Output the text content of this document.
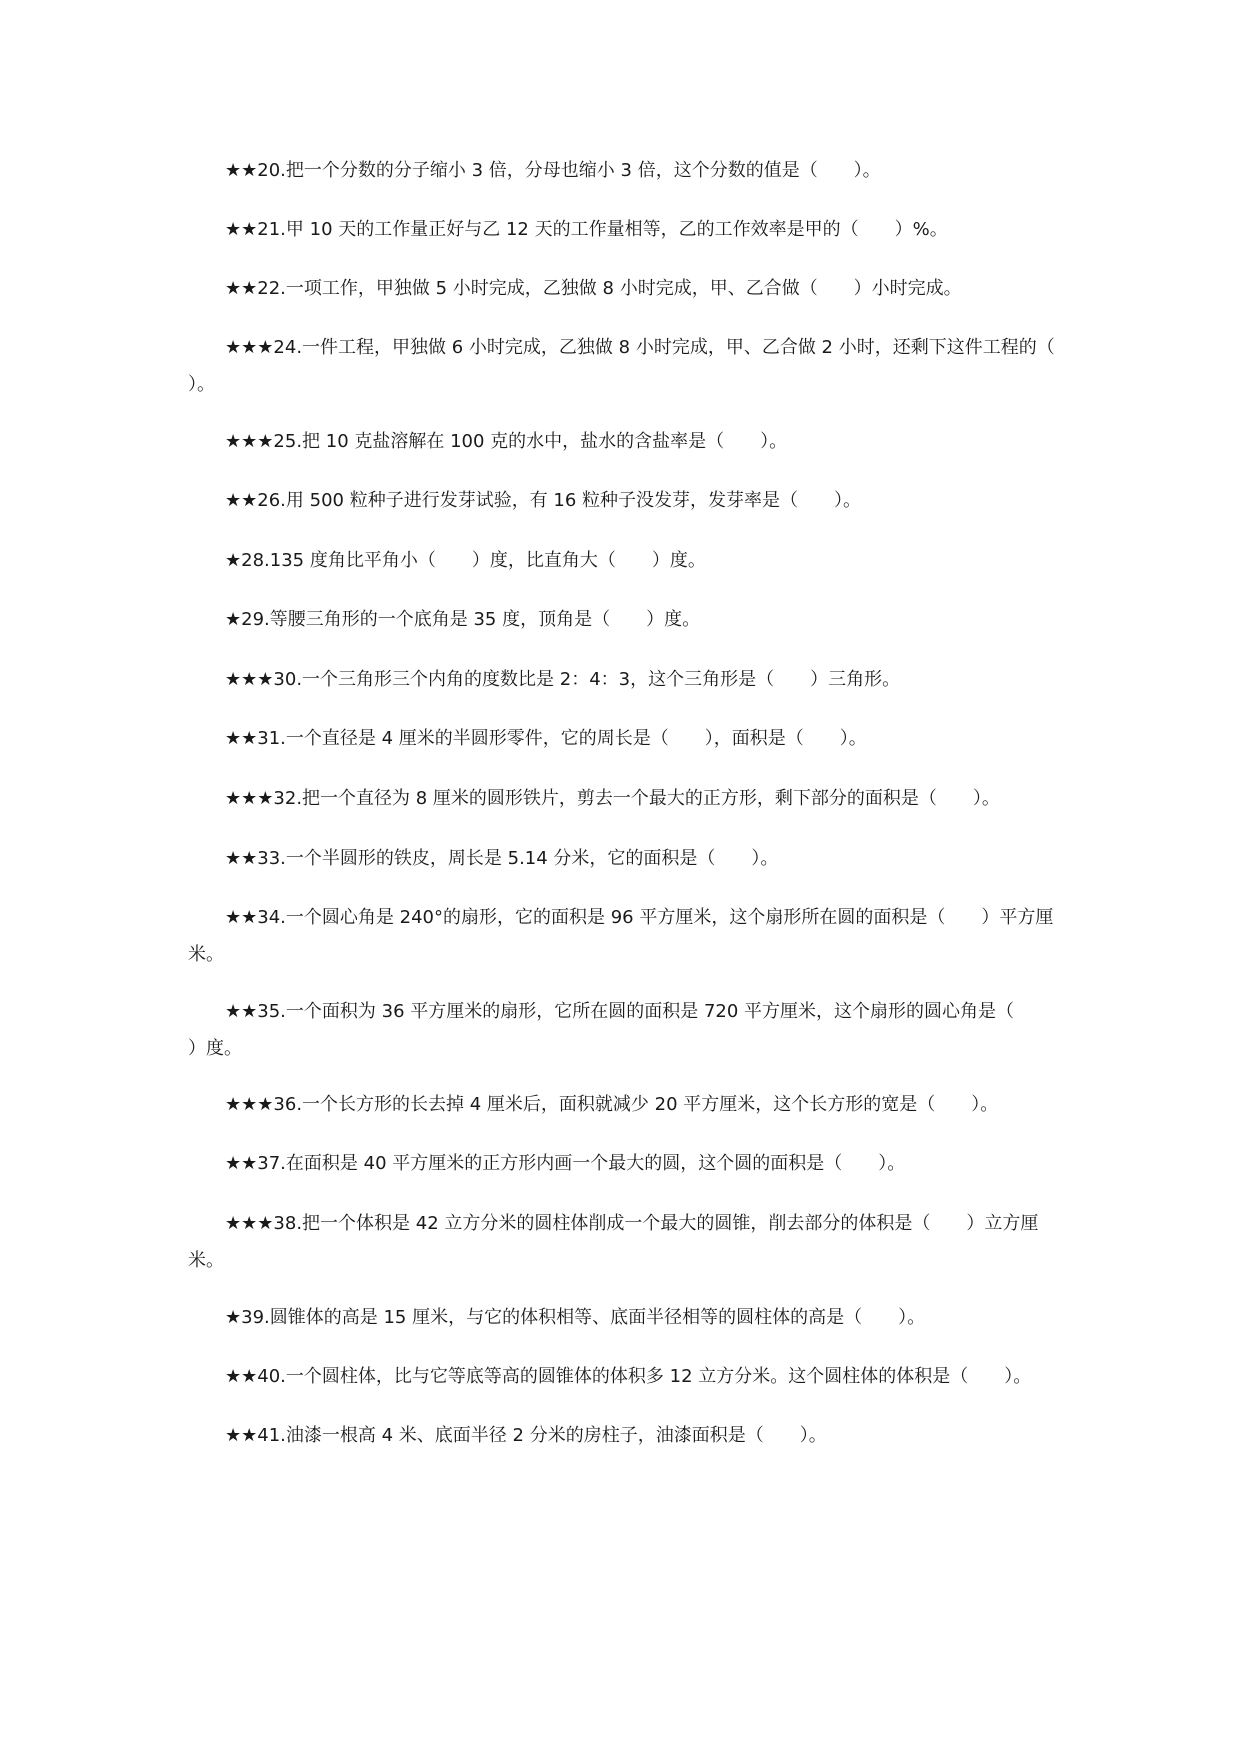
★★20.把一个分数的分子缩小 3 倍，分母也缩小 3 倍，这个分数的值是（　　）。

★★21.甲 10 天的工作量正好与乙 12 天的工作量相等，乙的工作效率是甲的（　　）%。

★★22.一项工作，甲独做 5 小时完成，乙独做 8 小时完成，甲、乙合做（　　）小时完成。

★★★24.一件工程，甲独做 6 小时完成，乙独做 8 小时完成，甲、乙合做 2 小时，还剩下这件工程的（　　）。

★★★25.把 10 克盐溶解在 100 克的水中，盐水的含盐率是（　　）。

★★26.用 500 粒种子进行发芽试验，有 16 粒种子没发芽，发芽率是（　　）。

★28.135 度角比平角小（　　）度，比直角大（　　）度。

★29.等腰三角形的一个底角是 35 度，顶角是（　　）度。

★★★30.一个三角形三个内角的度数比是 2：4：3，这个三角形是（　　）三角形。

★★31.一个直径是 4 厘米的半圆形零件，它的周长是（　　），面积是（　　）。

★★★32.把一个直径为 8 厘米的圆形铁片，剪去一个最大的正方形，剩下部分的面积是（　　）。

★★33.一个半圆形的铁皮，周长是 5.14 分米，它的面积是（　　）。

★★34.一个圆心角是 240°的扇形，它的面积是 96 平方厘米，这个扇形所在圆的面积是（　　）平方厘米。

★★35.一个面积为 36 平方厘米的扇形，它所在圆的面积是 720 平方厘米，这个扇形的圆心角是（　　）度。

★★★36.一个长方形的长去掉 4 厘米后，面积就减少 20 平方厘米，这个长方形的宽是（　　）。

★★37.在面积是 40 平方厘米的正方形内画一个最大的圆，这个圆的面积是（　　）。

★★★38.把一个体积是 42 立方分米的圆柱体削成一个最大的圆锥，削去部分的体积是（　　）立方厘米。

★39.圆锥体的高是 15 厘米，与它的体积相等、底面半径相等的圆柱体的高是（　　）。

★★40.一个圆柱体，比与它等底等高的圆锥体的体积多 12 立方分米。这个圆柱体的体积是（　　）。

★★41.油漆一根高 4 米、底面半径 2 分米的房柱子，油漆面积是（　　）。
